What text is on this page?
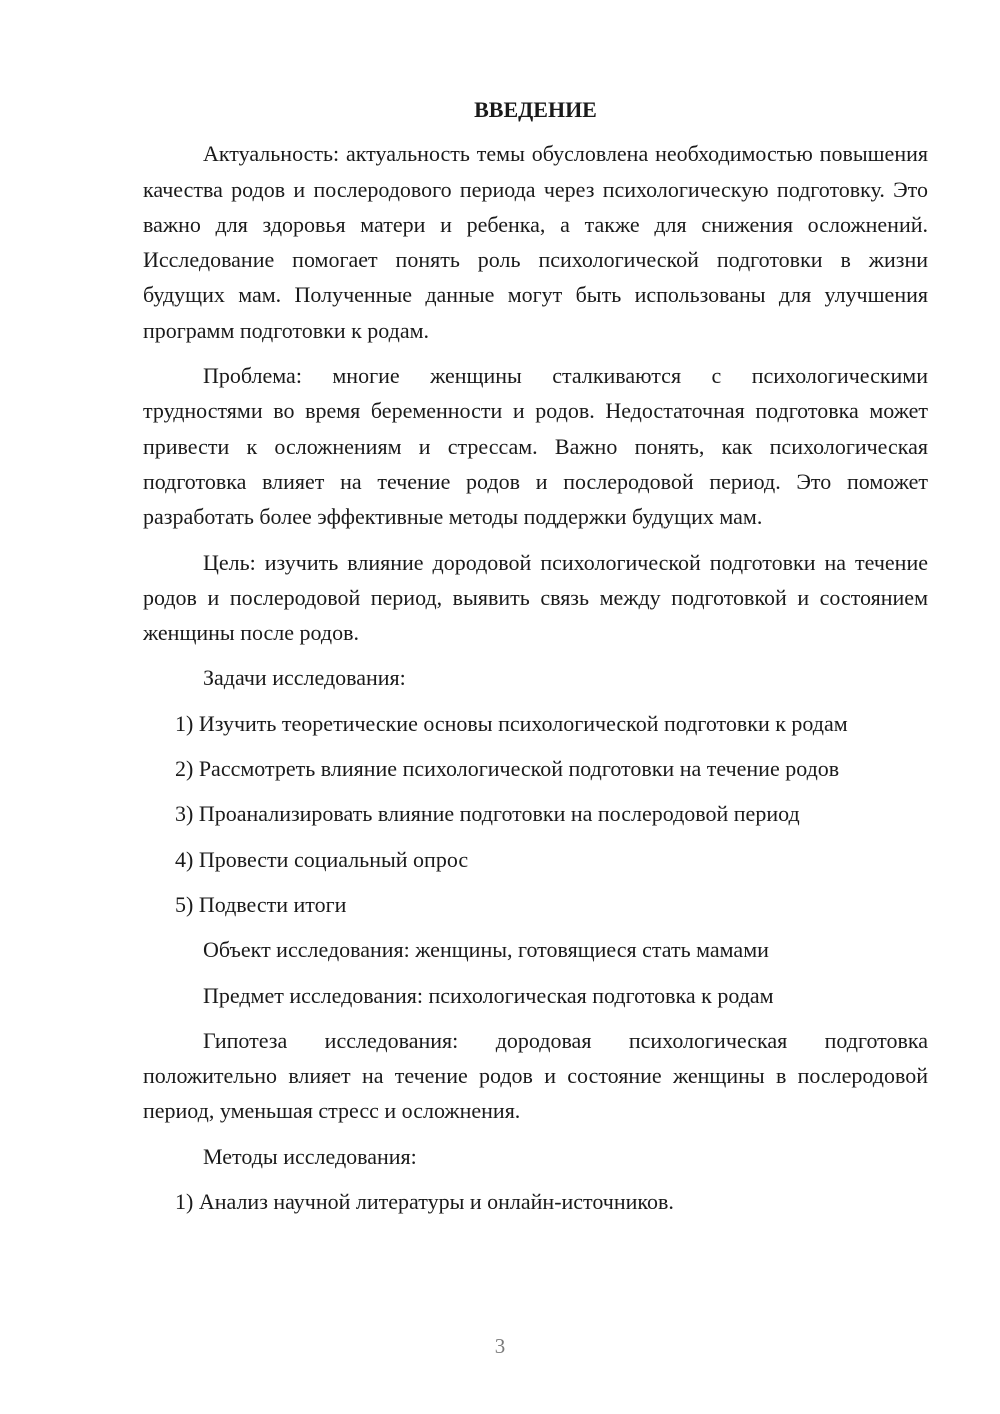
ВВЕДЕНИЕ

Актуальность: актуальность темы обусловлена необходимостью повышения качества родов и послеродового периода через психологическую подготовку. Это важно для здоровья матери и ребенка, а также для снижения осложнений. Исследование помогает понять роль психологической подготовки в жизни будущих мам. Полученные данные могут быть использованы для улучшения программ подготовки к родам.

Проблема: многие женщины сталкиваются с психологическими трудностями во время беременности и родов. Недостаточная подготовка может привести к осложнениям и стрессам. Важно понять, как психологическая подготовка влияет на течение родов и послеродовой период. Это поможет разработать более эффективные методы поддержки будущих мам.

Цель: изучить влияние дородовой психологической подготовки на течение родов и послеродовой период, выявить связь между подготовкой и состоянием женщины после родов.

Задачи исследования:

1) Изучить теоретические основы психологической подготовки к родам

2) Рассмотреть влияние психологической подготовки на течение родов

3) Проанализировать влияние подготовки на послеродовой период

4) Провести социальный опрос

5) Подвести итоги

Объект исследования: женщины, готовящиеся стать мамами

Предмет исследования: психологическая подготовка к родам

Гипотеза исследования: дородовая психологическая подготовка положительно влияет на течение родов и состояние женщины в послеродовой период, уменьшая стресс и осложнения.

Методы исследования:

1) Анализ научной литературы и онлайн-источников.

3
